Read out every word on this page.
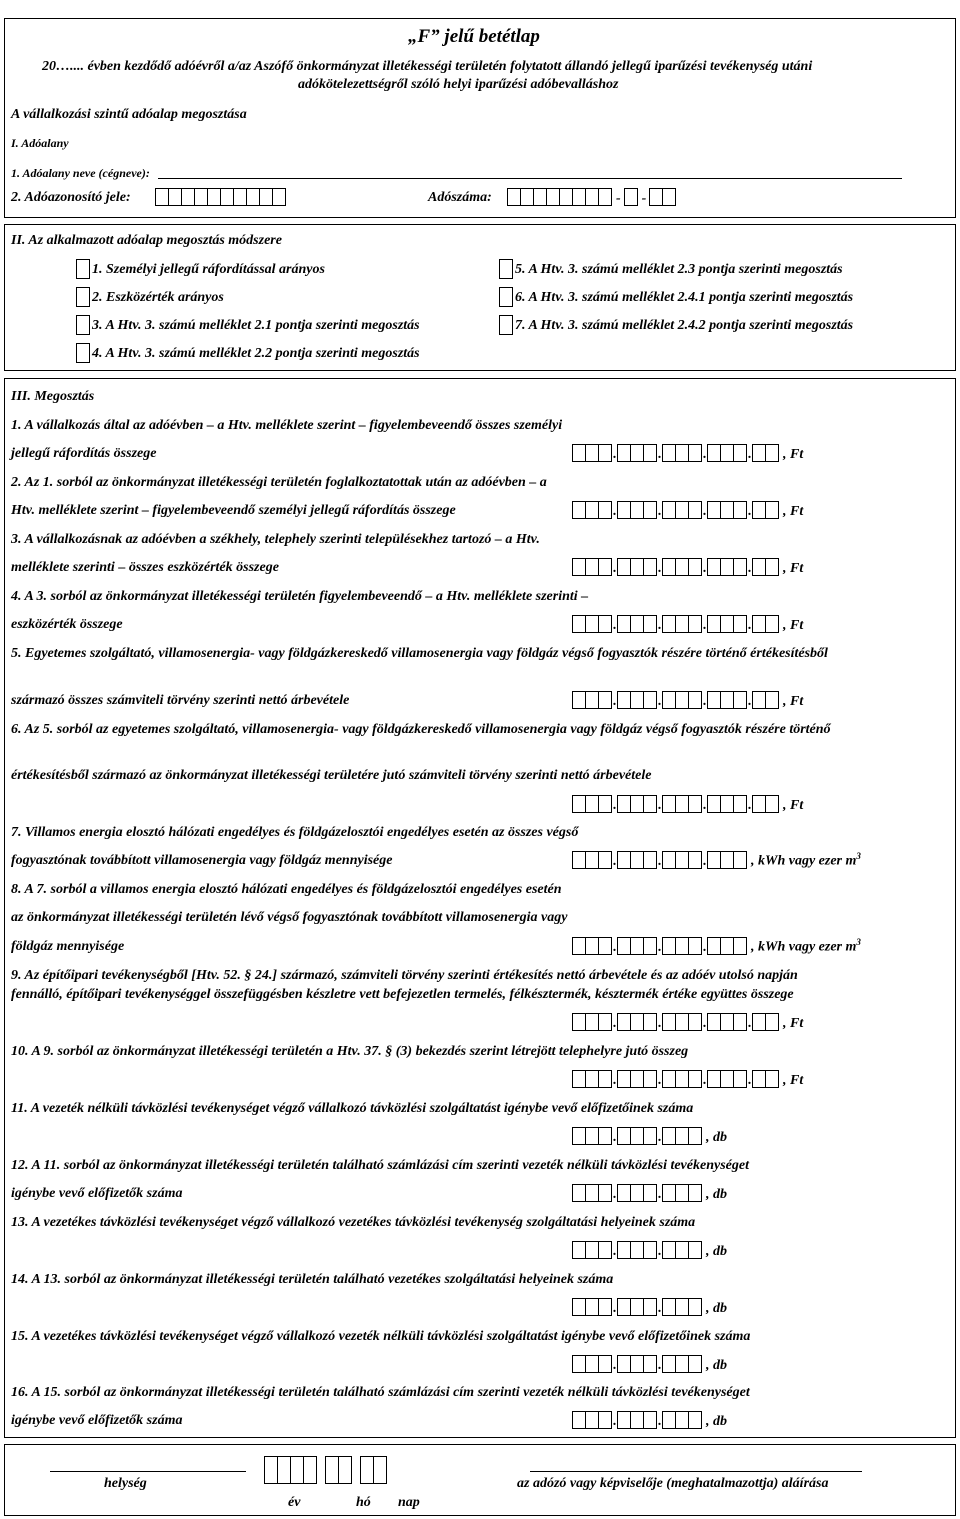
„F” jelű betétlap
20….... évben kezdődő adóévről a/az Aszófő önkormányzat illetékességi területén folytatott állandó jellegű iparűzési tevékenység utáni
adókötelezettségről szóló helyi iparűzési adóbevalláshoz
A vállalkozási szintű adóalap megosztása
I. Adóalany
1. Adóalany neve (cégneve):
2. Adóazonosító jele:	Adószáma:	- -
II. Az alkalmazott adóalap megosztás módszere
1. Személyi jellegű ráfordítással arányos
2. Eszközérték arányos
3. A Htv. 3. számú melléklet 2.1 pontja szerinti megosztás
4. A Htv. 3. számú melléklet 2.2 pontja szerinti megosztás
5. A Htv. 3. számú melléklet 2.3 pontja szerinti megosztás
6. A Htv. 3. számú melléklet 2.4.1 pontja szerinti megosztás
7. A Htv. 3. számú melléklet 2.4.2 pontja szerinti megosztás
III. Megosztás
1. A vállalkozás által az adóévben – a Htv. melléklete szerint – figyelembeveendő összes személyi
jellegű ráfordítás összege	.	.	.	. , Ft
2. Az 1. sorból az önkormányzat illetékességi területén foglalkoztatottak után az adóévben – a
Htv. melléklete szerint – figyelembeveendő személyi jellegű ráfordítás összege	.	.	.	. , Ft
3. A vállalkozásnak az adóévben a székhely, telephely szerinti településekhez tartozó – a Htv.
melléklete szerinti – összes eszközérték összege	.	.	.	. , Ft
4. A 3. sorból az önkormányzat illetékességi területén figyelembeveendő – a Htv. melléklete szerinti –
eszközérték összege	.	.	.	. , Ft
5. Egyetemes szolgáltató, villamosenergia- vagy földgázkereskedő villamosenergia vagy földgáz végső fogyasztók részére történő értékesítésből
származó összes számviteli törvény szerinti nettó árbevétele	.	.	.	. , Ft
6. Az 5. sorból az egyetemes szolgáltató, villamosenergia- vagy földgázkereskedő villamosenergia vagy földgáz végső fogyasztók részére történő
értékesítésből származó az önkormányzat illetékességi területére jutó számviteli törvény szerinti nettó árbevétele
.	.	.	. , Ft
7. Villamos energia elosztó hálózati engedélyes és földgázelosztói engedélyes esetén az összes végső
fogyasztónak továbbított villamosenergia vagy földgáz mennyisége	.	.	.	, kWh vagy ezer $m^3$
8. A 7. sorból a villamos energia elosztó hálózati engedélyes és földgázelosztói engedélyes esetén
az önkormányzat illetékességi területén lévő végső fogyasztónak továbbított villamosenergia vagy
földgáz mennyisége	.	.	.	, kWh vagy ezer $m^3$
9. Az építőipari tevékenységből [Htv. 52. § 24.] származó, számviteli törvény szerinti értékesítés nettó árbevétele és az adóév utolsó napján
fennálló, építőipari tevékenységgel összefüggésben készletre vett befejezetlen termelés, félkésztermék, késztermék értéke együttes összege
.	.	.	. , Ft
10. A 9. sorból az önkormányzat illetékességi területén a Htv. 37. § (3) bekezdés szerint létrejött telephelyre jutó összeg
.	.	.	. , Ft
11. A vezeték nélküli távközlési tevékenységet végző vállalkozó távközlési szolgáltatást igénybe vevő előfizetőinek száma
.	.	, db
12. A 11. sorból az önkormányzat illetékességi területén található számlázási cím szerinti vezeték nélküli távközlési tevékenységet
igénybe vevő előfizetők száma	.	.	, db
13. A vezetékes távközlési tevékenységet végző vállalkozó vezetékes távközlési tevékenység szolgáltatási helyeinek száma
.	.	, db
14. A 13. sorból az önkormányzat illetékességi területén található vezetékes szolgáltatási helyeinek száma
.	.	, db
15. A vezetékes távközlési tevékenységet végző vállalkozó vezeték nélküli távközlési szolgáltatást igénybe vevő előfizetőinek száma
.	.	, db
16. A 15. sorból az önkormányzat illetékességi területén található számlázási cím szerinti vezeték nélküli távközlési tevékenységet
igénybe vevő előfizetők száma	.	.	, db
helység
év	hó nap
az adózó vagy képviselője (meghatalmazottja) aláírása
